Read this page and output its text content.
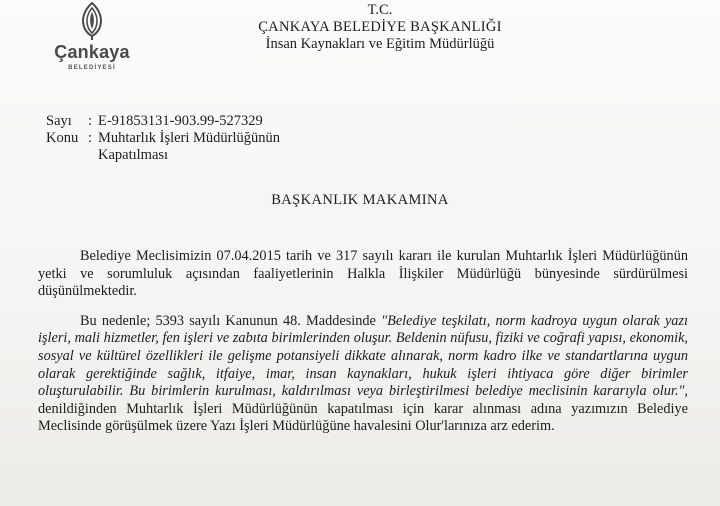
Çankaya
BELEDİYESİ
T.C.
ÇANKAYA BELEDİYE BAŞKANLIĞI
İnsan Kaynakları ve Eğitim Müdürlüğü
Sayı	: E-91853131-903.99-527329
Konu : Muhtarlık İşleri Müdürlüğünün
Kapatılması
BAŞKANLIK MAKAMINA

Belediye Meclisimizin 07.04.2015 tarih ve 317 sayılı kararı ile kurulan Muhtarlık İşleri Müdürlüğünün yetki ve sorumluluk açısından faaliyetlerinin Halkla İlişkiler Müdürlüğü bünyesinde sürdürülmesi düşünülmektedir.

Bu nedenle; 5393 sayılı Kanunun 48. Maddesinde "Belediye teşkilatı, norm kadroya uygun olarak yazı işleri, mali hizmetler, fen işleri ve zabıta birimlerinden oluşur. Beldenin nüfusu, fiziki ve coğrafi yapısı, ekonomik, sosyal ve kültürel özellikleri ile gelişme potansiyeli dikkate alınarak, norm kadro ilke ve standartlarına uygun olarak gerektiğinde sağlık, itfaiye, imar, insan kaynakları, hukuk işleri ihtiyaca göre diğer birimler oluşturulabilir. Bu birimlerin kurulması, kaldırılması veya birleştirilmesi belediye meclisinin kararıyla olur.", denildiğinden Muhtarlık İşleri Müdürlüğünün kapatılması için karar alınması adına yazımızın Belediye Meclisinde görüşülmek üzere Yazı İşleri Müdürlüğüne havalesini Olur'larınıza arz ederim.
